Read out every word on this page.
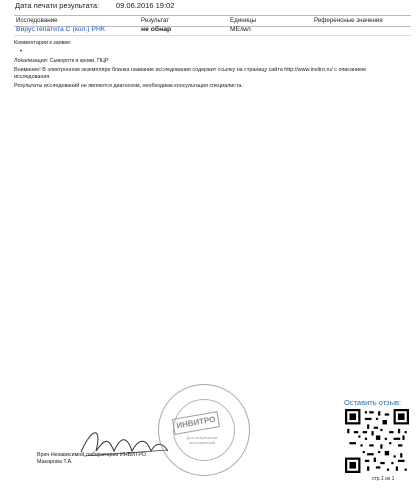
Дата печати результата: 09.06.2016 19:02
Исследование	Результат	Единицы	Референсные значения
Вирус гепатита С (кол.) РНК	не обнар	МЕ/мл
Комментарии к заявке:
•
Локализация: Сыворотк я крови, ПЦР
Внимание! В электронном экземпляре бланка название исследования содержит ссылку на страницу сайта http://www.invitro.ru/ с описанием исследования.
Результаты исследований не являются диагнозом, необходима консультация специалиста.
ИНВИТРО
Для результатов исследований
Врач Независимой лаборатории ИНВИТРО
Макарова Т.А.
Оставить отзыв:
стр.1 из 1
